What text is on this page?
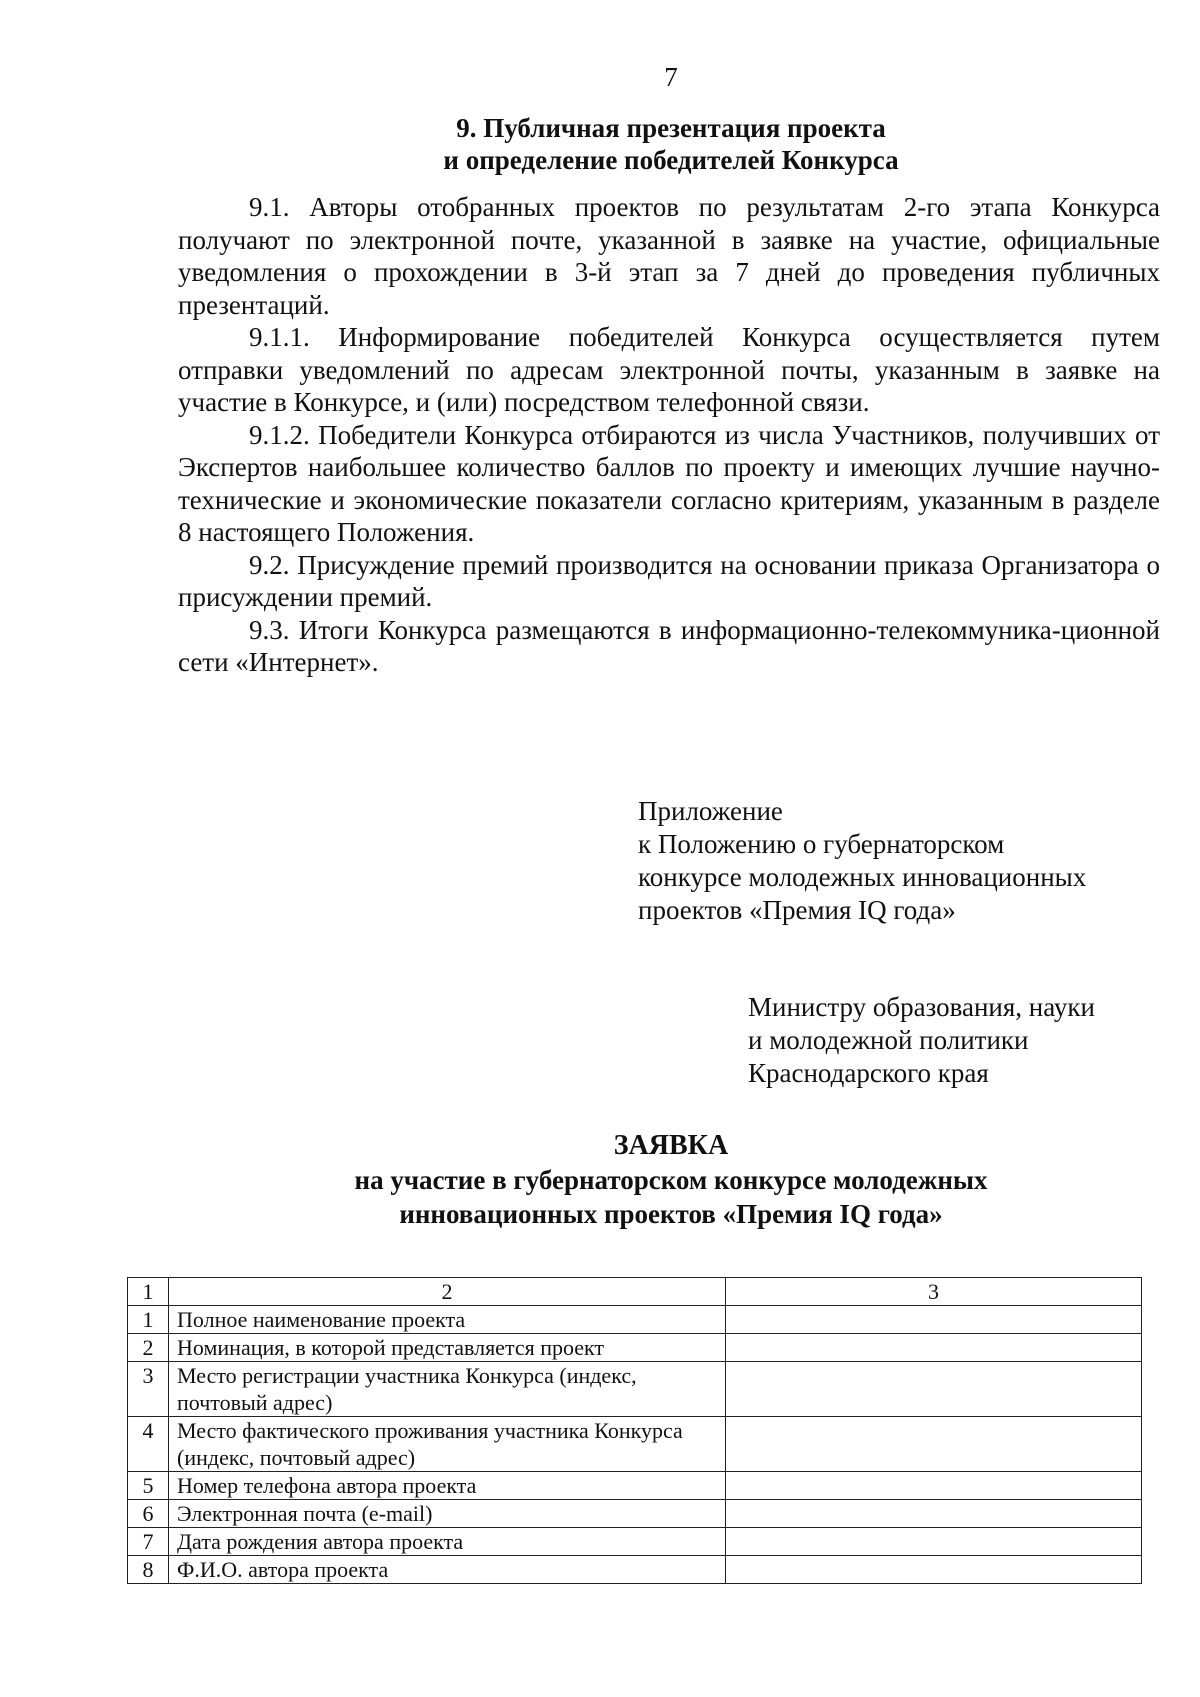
7
9. Публичная презентация проекта
и определение победителей Конкурса

9.1. Авторы отобранных проектов по результатам 2-го этапа Конкурса получают по электронной почте, указанной в заявке на участие, официальные уведомления о прохождении в 3-й этап за 7 дней до проведения публичных презентаций.

9.1.1. Информирование победителей Конкурса осуществляется путем отправки уведомлений по адресам электронной почты, указанным в заявке на участие в Конкурсе, и (или) посредством телефонной связи.

9.1.2. Победители Конкурса отбираются из числа Участников, получивших от Экспертов наибольшее количество баллов по проекту и имеющих лучшие научно-технические и экономические показатели согласно критериям, указанным в разделе 8 настоящего Положения.

9.2. Присуждение премий производится на основании приказа Организатора о присуждении премий.

9.3. Итоги Конкурса размещаются в информационно-телекоммуника-ционной сети «Интернет».

Приложение
к Положению о губернаторском
конкурсе молодежных инновационных
проектов «Премия IQ года»
Министру образования, науки
и молодежной политики
Краснодарского края
ЗАЯВКА
на участие в губернаторском конкурсе молодежных
инновационных проектов «Премия IQ года»
1	2	3
1	Полное наименование проекта	
2	Номинация, в которой представляется проект	
3	Место регистрации участника Конкурса (индекс, почтовый адрес)	
4	Место фактического проживания участника Конкурса (индекс, почтовый адрес)	
5	Номер телефона автора проекта	
6	Электронная почта (e-mail)	
7	Дата рождения автора проекта	
8	Ф.И.О. автора проекта	
